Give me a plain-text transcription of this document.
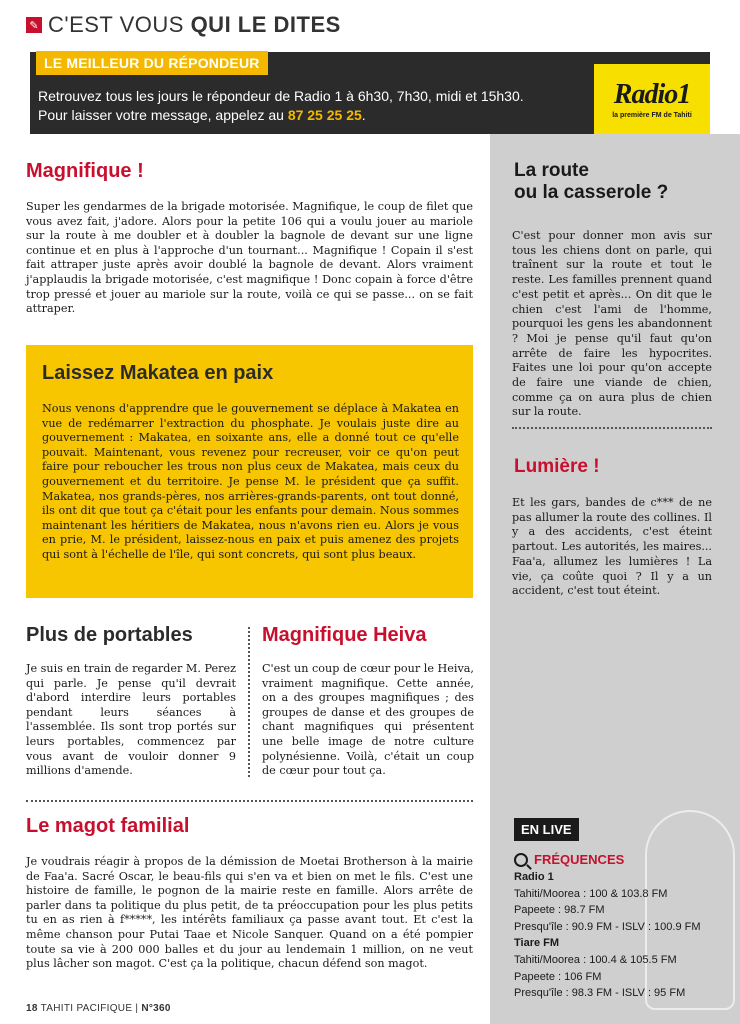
✎ C'EST VOUS QUI LE DITES
LE MEILLEUR DU RÉPONDEUR
Retrouvez tous les jours le répondeur de Radio 1 à 6h30, 7h30, midi et 15h30.
Pour laisser votre message, appelez au 87 25 25 25.
Radio1
la première FM de Tahiti
La route
ou la casserole ?
C'est pour donner mon avis sur tous les chiens dont on parle, qui traînent sur la route et tout le reste. Les familles prennent quand c'est petit et après... On dit que le chien c'est l'ami de l'homme, pourquoi les gens les abandonnent ? Moi je pense qu'il faut qu'on arrête de faire les hypocrites. Faites une loi pour qu'on accepte de faire une viande de chien, comme ça on aura plus de chien sur la route.
Lumière !
Et les gars, bandes de c*** de ne pas allumer la route des collines. Il y a des accidents, c'est éteint partout. Les autorités, les maires... Faa'a, allumez les lumières ! La vie, ça coûte quoi ? Il y a un accident, c'est tout éteint.
EN LIVE
FRÉQUENCES
Radio 1
Tahiti/Moorea : 100 & 103.8 FM
Papeete : 98.7 FM
Presqu'île : 90.9 FM - ISLV : 100.9 FM
Tiare FM
Tahiti/Moorea : 100.4 & 105.5 FM
Papeete : 106 FM
Presqu'île : 98.3 FM - ISLV : 95 FM
Magnifique !
Super les gendarmes de la brigade motorisée. Magnifique, le coup de filet que vous avez fait, j'adore. Alors pour la petite 106 qui a voulu jouer au mariole sur la route à me doubler et à doubler la bagnole de devant sur une ligne continue et en plus à l'approche d'un tournant... Magnifique ! Copain il s'est fait attraper juste après avoir doublé la bagnole de devant. Alors vraiment j'applaudis la brigade motorisée, c'est magnifique ! Donc copain à force d'être trop pressé et jouer au mariole sur la route, voilà ce qui se passe... on se fait attraper.
Laissez Makatea en paix
Nous venons d'apprendre que le gouvernement se déplace à Makatea en vue de redémarrer l'extraction du phosphate. Je voulais juste dire au gouvernement : Makatea, en soixante ans, elle a donné tout ce qu'elle pouvait. Maintenant, vous revenez pour recreuser, voir ce qu'on peut faire pour reboucher les trous non plus ceux de Makatea, mais ceux du gouvernement et du territoire. Je pense M. le président que ça suffit. Makatea, nos grands-pères, nos arrières-grands-parents, ont tout donné, ils ont dit que tout ça c'était pour les enfants pour demain. Nous sommes maintenant les héritiers de Makatea, nous n'avons rien eu. Alors je vous en prie, M. le président, laissez-nous en paix et puis amenez des projets qui sont à l'échelle de l'île, qui sont concrets, qui sont plus beaux.
Plus de portables
Je suis en train de regarder M. Perez qui parle. Je pense qu'il devrait d'abord interdire leurs portables pendant leurs séances à l'assemblée. Ils sont trop portés sur leurs portables, commencez par vous avant de vouloir donner 9 millions d'amende.
Magnifique Heiva
C'est un coup de cœur pour le Heiva, vraiment magnifique. Cette année, on a des groupes magnifiques ; des groupes de danse et des groupes de chant magnifiques qui présentent une belle image de notre culture polynésienne. Voilà, c'était un coup de cœur pour tout ça.
Le magot familial
Je voudrais réagir à propos de la démission de Moetai Brotherson à la mairie de Faa'a. Sacré Oscar, le beau-fils qui s'en va et bien on met le fils. C'est une histoire de famille, le pognon de la mairie reste en famille. Alors arrête de parler dans ta politique du plus petit, de ta préoccupation pour les plus petits tu en as rien à f*****, les intérêts familiaux ça passe avant tout. Et c'est la même chanson pour Putai Taae et Nicole Sanquer. Quand on a été pompier toute sa vie à 200 000 balles et du jour au lendemain 1 million, on ne veut plus lâcher son magot. C'est ça la politique, chacun défend son magot.
18 TAHITI PACIFIQUE | N°360
